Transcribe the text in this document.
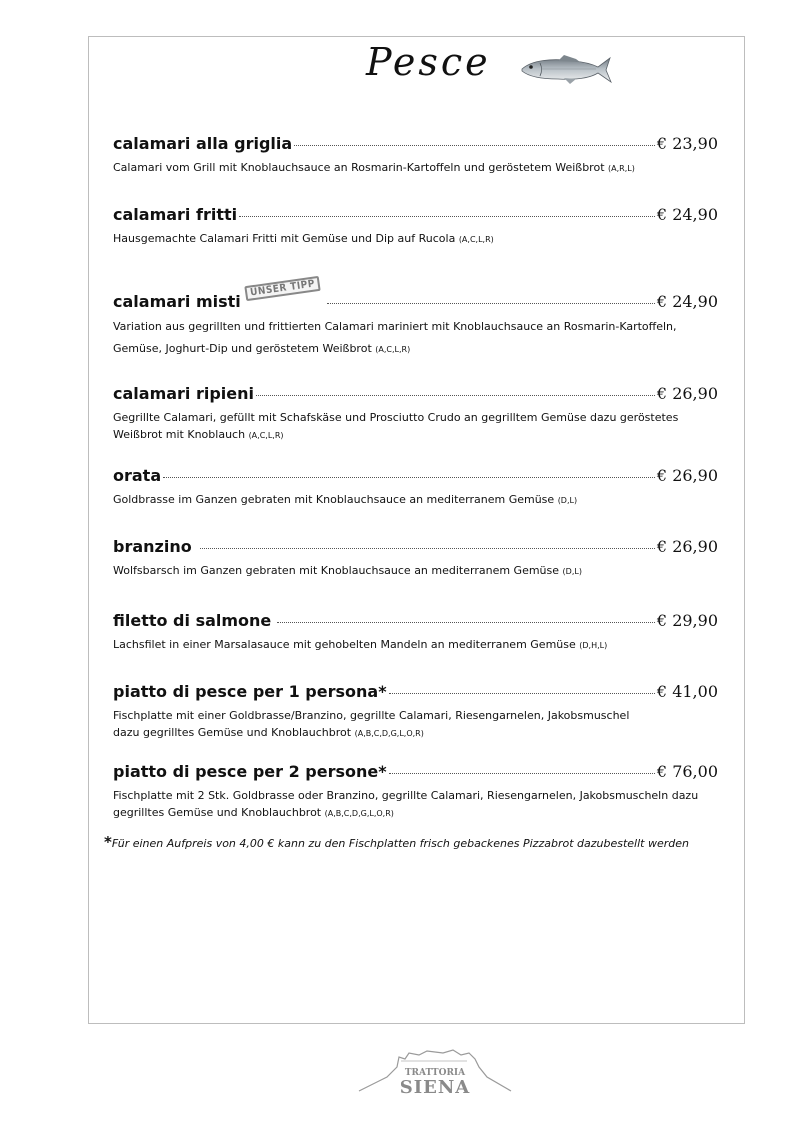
Pesce
calamari alla griglia	€ 23,90
Calamari vom Grill mit Knoblauchsauce an Rosmarin-Kartoffeln und geröstetem Weißbrot (A,R,L)
calamari fritti	€ 24,90
Hausgemachte Calamari Fritti mit Gemüse und Dip auf Rucola (A,C,L,R)
UNSER TIPP
calamari misti	€ 24,90
Variation aus gegrillten und frittierten Calamari mariniert mit Knoblauchsauce an Rosmarin-Kartoffeln,
Gemüse, Joghurt-Dip und geröstetem Weißbrot (A,C,L,R)
calamari ripieni	€ 26,90
Gegrillte Calamari, gefüllt mit Schafskäse und Prosciutto Crudo an gegrilltem Gemüse dazu geröstetes
Weißbrot mit Knoblauch (A,C,L,R)
orata	€ 26,90
Goldbrasse im Ganzen gebraten mit Knoblauchsauce an mediterranem Gemüse (D,L)
branzino	€ 26,90
Wolfsbarsch im Ganzen gebraten mit Knoblauchsauce an mediterranem Gemüse (D,L)
filetto di salmone	€ 29,90
Lachsfilet in einer Marsalasauce mit gehobelten Mandeln an mediterranem Gemüse (D,H,L)
piatto di pesce per 1 persona*	€ 41,00
Fischplatte mit einer Goldbrasse/Branzino, gegrillte Calamari, Riesengarnelen, Jakobsmuschel
dazu gegrilltes Gemüse und Knoblauchbrot (A,B,C,D,G,L,O,R)
piatto di pesce per 2 persone*	€ 76,00
Fischplatte mit 2 Stk. Goldbrasse oder Branzino, gegrillte Calamari, Riesengarnelen, Jakobsmuscheln dazu
gegrilltes Gemüse und Knoblauchbrot (A,B,C,D,G,L,O,R)
*Für einen Aufpreis von 4,00 € kann zu den Fischplatten frisch gebackenes Pizzabrot dazubestellt werden
TRATTORIA
SIENA
